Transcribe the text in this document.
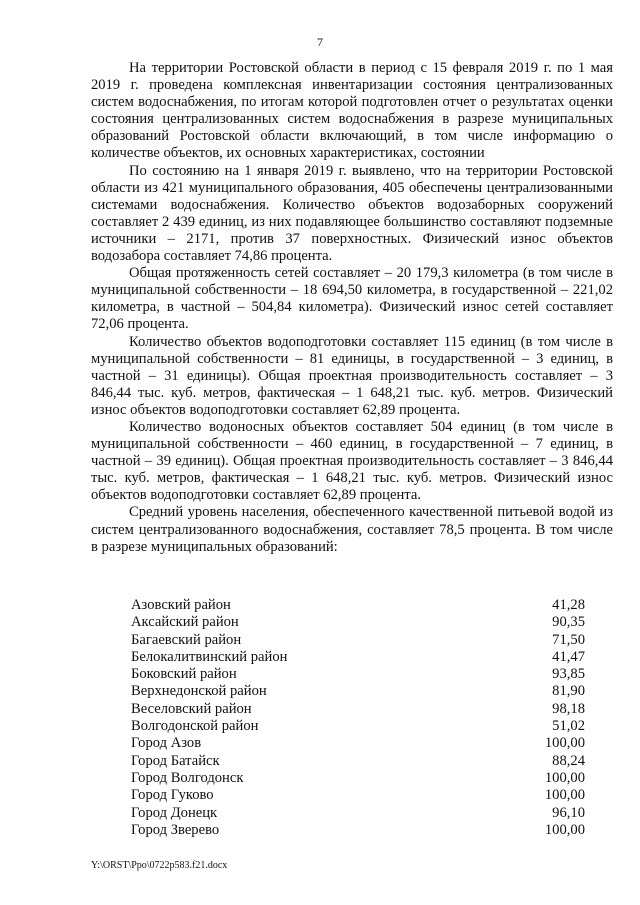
7

На территории Ростовской области в период с 15 февраля 2019 г. по 1 мая 2019 г. проведена комплексная инвентаризации состояния централизованных систем водоснабжения, по итогам которой подготовлен отчет о результатах оценки состояния централизованных систем водоснабжения в разрезе муниципальных образований Ростовской области включающий, в том числе информацию о количестве объектов, их основных характеристиках, состоянии

По состоянию на 1 января 2019 г. выявлено, что на территории Ростовской области из 421 муниципального образования, 405 обеспечены централизованными системами водоснабжения. Количество объектов водозаборных сооружений составляет 2 439 единиц, из них подавляющее большинство составляют подземные источники – 2171, против 37 поверхностных. Физический износ объектов водозабора составляет 74,86 процента.

Общая протяженность сетей составляет – 20 179,3 километра (в том числе в муниципальной собственности – 18 694,50 километра, в государственной – 221,02 километра, в частной – 504,84 километра). Физический износ сетей составляет 72,06 процента.

Количество объектов водоподготовки составляет 115 единиц (в том числе в муниципальной собственности – 81 единицы, в государственной – 3 единиц, в частной – 31 единицы). Общая проектная производительность составляет – 3 846,44 тыс. куб. метров, фактическая – 1 648,21 тыс. куб. метров. Физический износ объектов водоподготовки составляет 62,89 процента.

Количество водоносных объектов составляет 504 единиц (в том числе в муниципальной собственности – 460 единиц, в государственной – 7 единиц, в частной – 39 единиц). Общая проектная производительность составляет – 3 846,44 тыс. куб. метров, фактическая – 1 648,21 тыс. куб. метров. Физический износ объектов водоподготовки составляет 62,89 процента.

Средний уровень населения, обеспеченного качественной питьевой водой из систем централизованного водоснабжения, составляет 78,5 процента. В том числе в разрезе муниципальных образований:

Азовский район	41,28
Аксайский район	90,35
Багаевский район	71,50
Белокалитвинский район	41,47
Боковский район	93,85
Верхнедонской район	81,90
Веселовский район	98,18
Волгодонской район	51,02
Город Азов	100,00
Город Батайск	88,24
Город Волгодонск	100,00
Город Гуково	100,00
Город Донецк	96,10
Город Зверево	100,00
Y:\ORST\Ppo\0722p583.f21.docx
